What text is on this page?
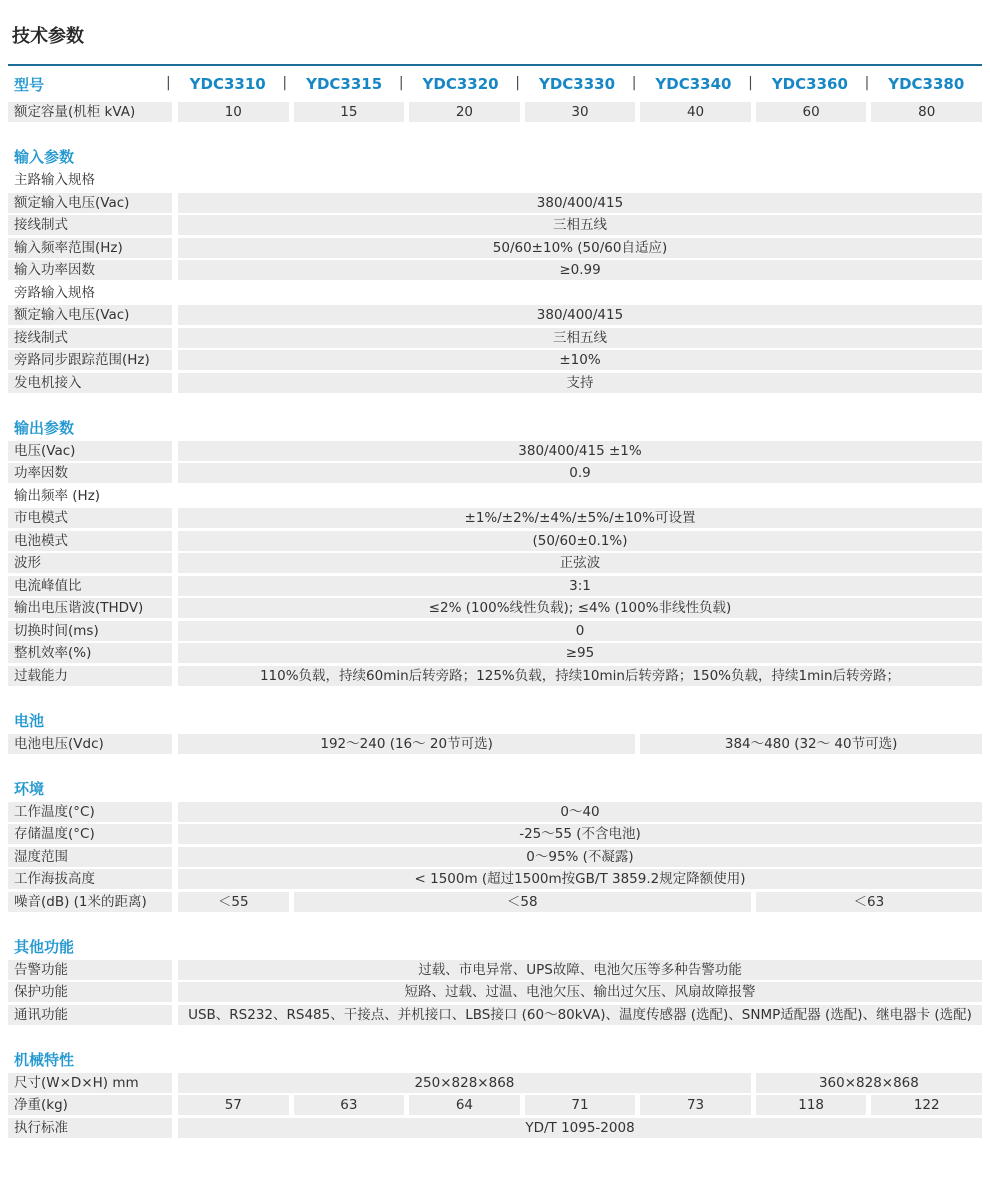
技术参数
型号	| YDC3310	| YDC3315	| YDC3320	| YDC3330	| YDC3340	| YDC3360	| YDC3380
额定容量(机柜 kVA)	10	15	20	30	40	60	80
输入参数
主路输入规格
额定输入电压(Vac)	380/400/415
接线制式	三相五线
输入频率范围(Hz)	50/60±10% (50/60自适应)
输入功率因数	≥0.99
旁路输入规格
额定输入电压(Vac)	380/400/415
接线制式	三相五线
旁路同步跟踪范围(Hz)	±10%
发电机接入	支持
输出参数
电压(Vac)	380/400/415 ±1%
功率因数	0.9
输出频率 (Hz)
市电模式	±1%/±2%/±4%/±5%/±10%可设置
电池模式	(50/60±0.1%)
波形	正弦波
电流峰值比	3:1
输出电压谐波(THDV)	≤2% (100%线性负载); ≤4% (100%非线性负载)
切换时间(ms)	0
整机效率(%)	≥95
过载能力	110%负载，持续60min后转旁路；125%负载，持续10min后转旁路；150%负载，持续1min后转旁路；
电池
电池电压(Vdc)	192～240 (16～ 20节可选)	384～480 (32～ 40节可选)
环境
工作温度(°C)	0～40
存储温度(°C)	-25～55 (不含电池)
湿度范围	0～95% (不凝露)
工作海拔高度	< 1500m (超过1500m按GB/T 3859.2规定降额使用)
噪音(dB) (1米的距离)	＜55	＜58	＜63
其他功能
告警功能	过载、市电异常、UPS故障、电池欠压等多种告警功能
保护功能	短路、过载、过温、电池欠压、输出过欠压、风扇故障报警
通讯功能	USB、RS232、RS485、干接点、并机接口、LBS接口 (60～80kVA)、温度传感器 (选配)、SNMP适配器 (选配)、继电器卡 (选配)
机械特性
尺寸(W×D×H) mm	250×828×868	360×828×868
净重(kg)	57	63	64	71	73	118	122
执行标准	YD/T 1095-2008
